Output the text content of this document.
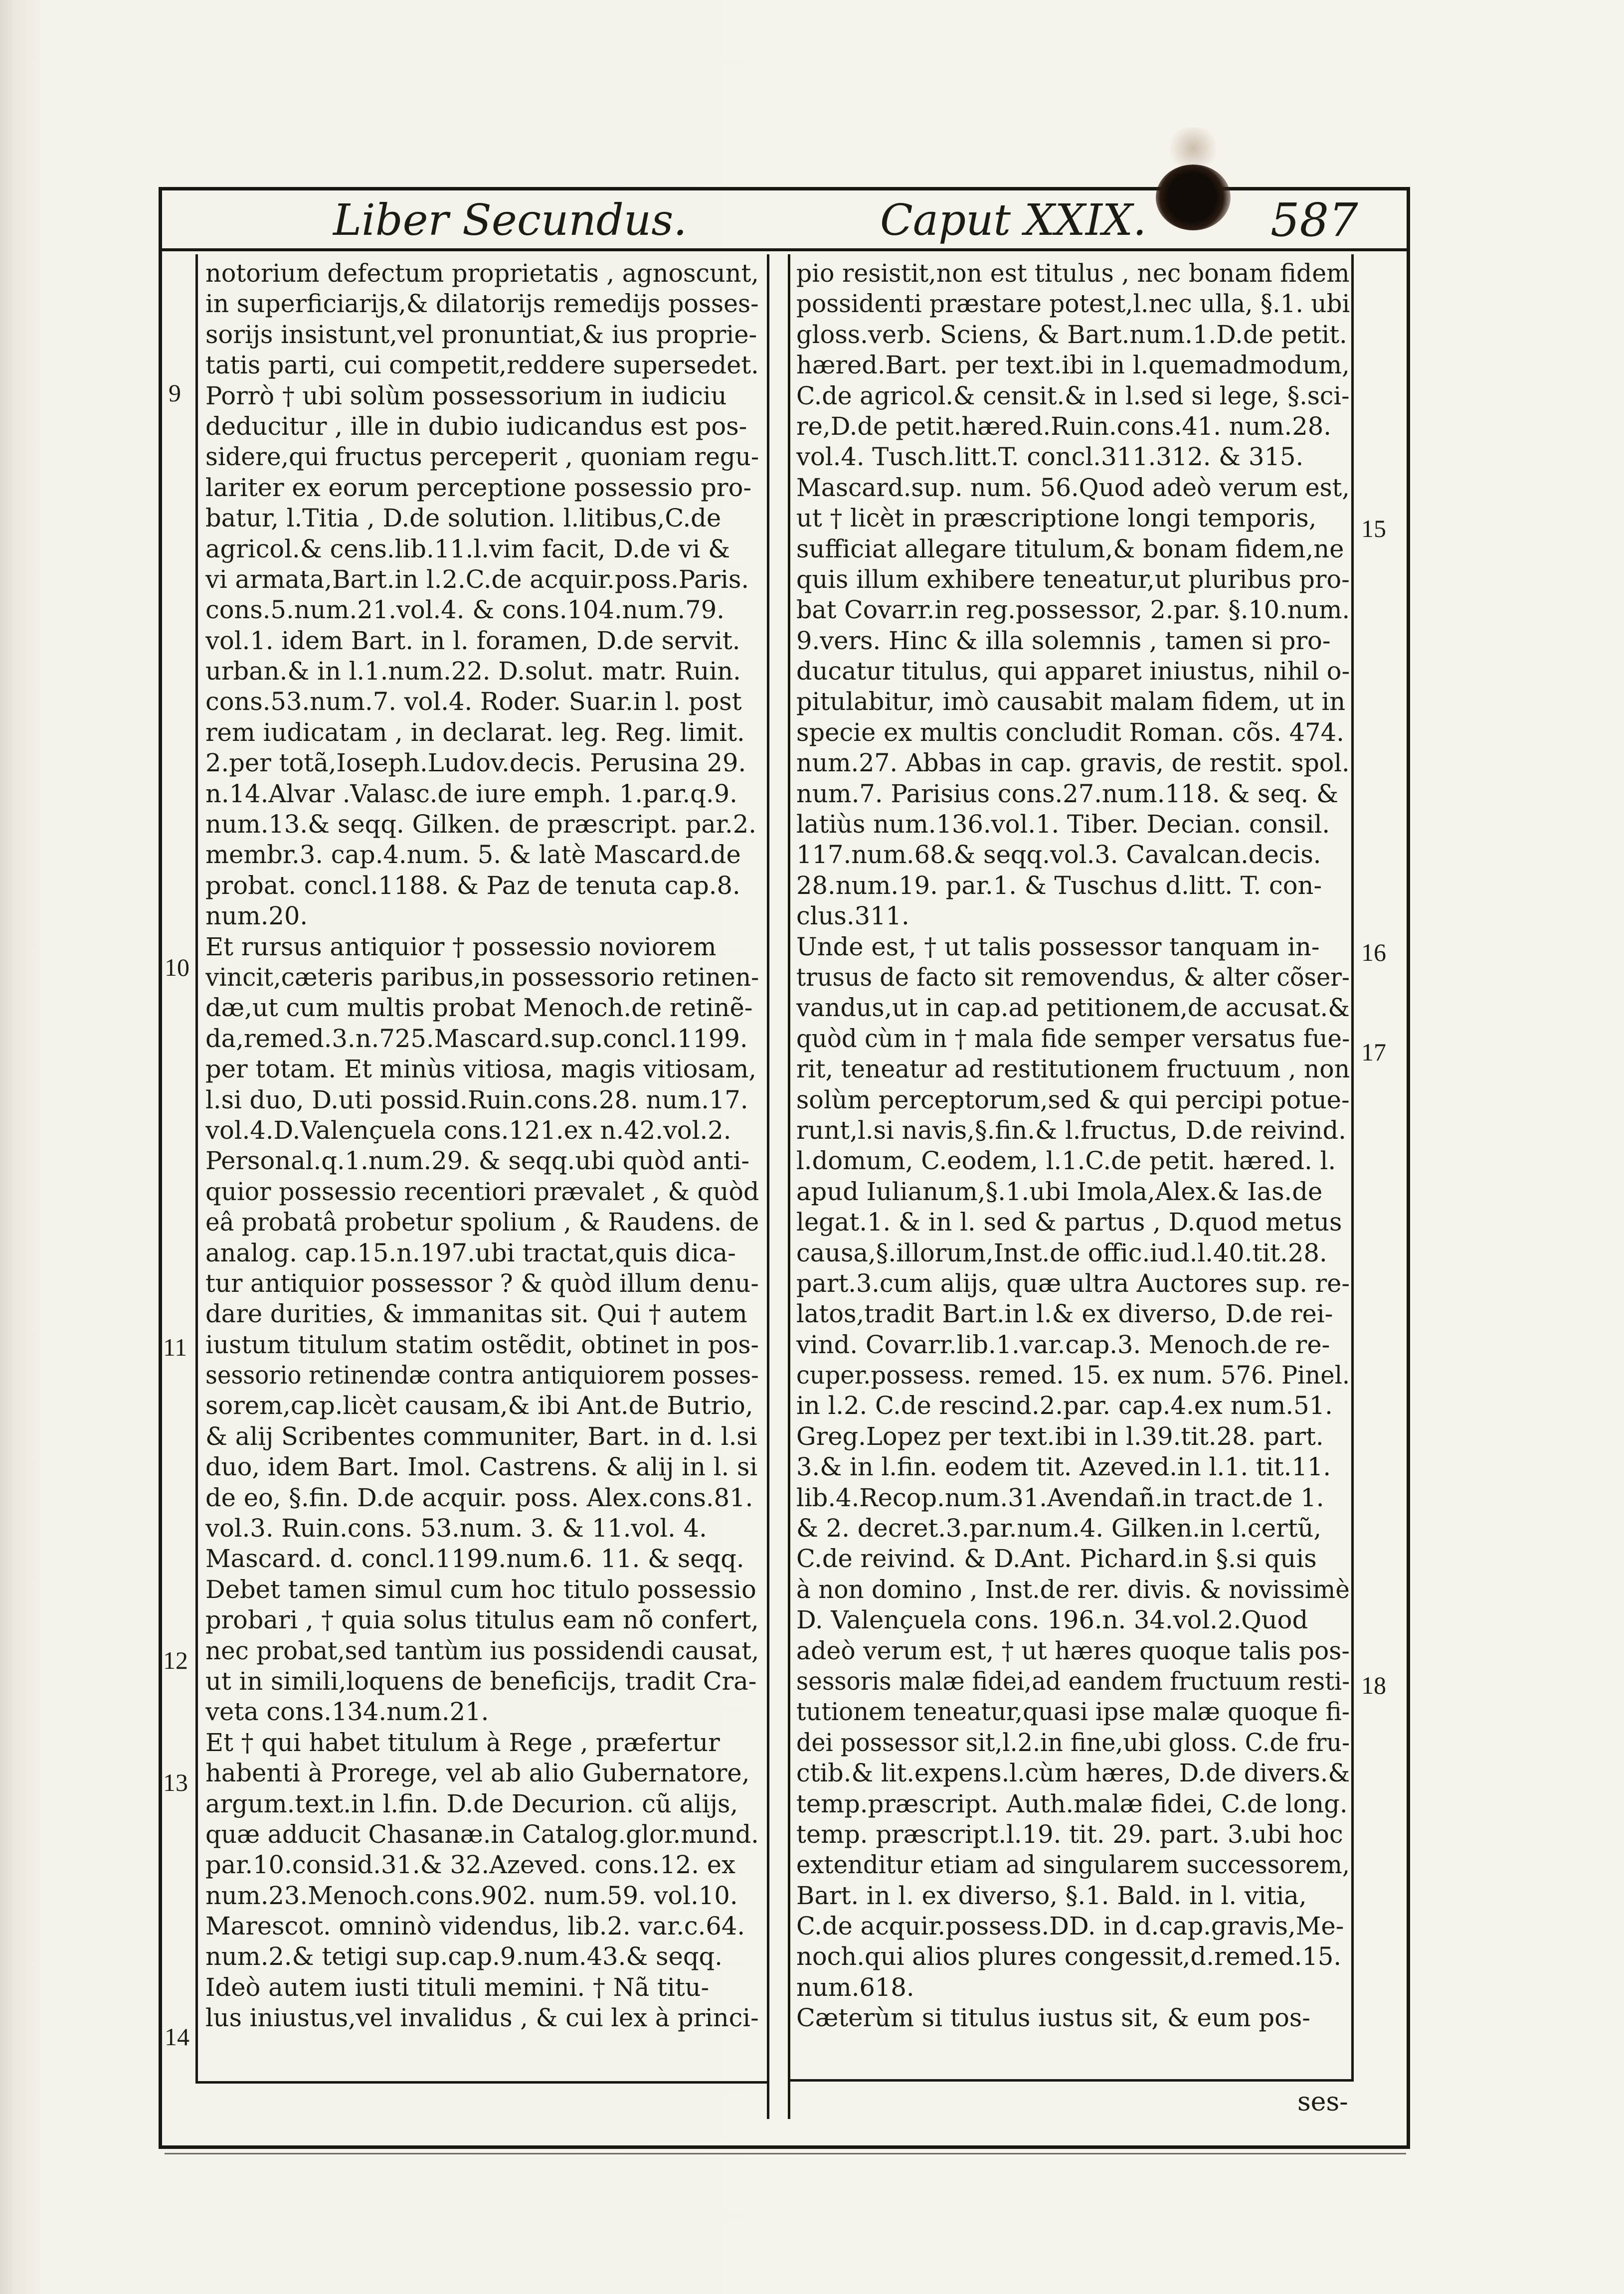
Liber Secundus.	Caput XXIX.	587
notorium defectum proprietatis , agnoscunt,
in superficiarijs,& dilatorijs remedijs posses-
sorijs insistunt,vel pronuntiat,& ius proprie-
tatis parti, cui competit,reddere supersedet.
Porrò † ubi solùm possessorium in iudiciu
deducitur , ille in dubio iudicandus est pos-
sidere,qui fructus perceperit , quoniam regu-
lariter ex eorum perceptione possessio pro-
batur, l.Titia , D.de solution. l.litibus,C.de
agricol.& cens.lib.11.l.vim facit, D.de vi &
vi armata,Bart.in l.2.C.de acquir.poss.Paris.
cons.5.num.21.vol.4. & cons.104.num.79.
vol.1. idem Bart. in l. foramen, D.de servit.
urban.& in l.1.num.22. D.solut. matr. Ruin.
cons.53.num.7. vol.4. Roder. Suar.in l. post
rem iudicatam , in declarat. leg. Reg. limit.
2.per totã,Ioseph.Ludov.decis. Perusina 29.
n.14.Alvar .Valasc.de iure emph. 1.par.q.9.
num.13.& seqq. Gilken. de præscript. par.2.
membr.3. cap.4.num. 5. & latè Mascard.de
probat. concl.1188. & Paz de tenuta cap.8.
num.20.
Et rursus antiquior † possessio noviorem
vincit,cæteris paribus,in possessorio retinen-
dæ,ut cum multis probat Menoch.de retinẽ-
da,remed.3.n.725.Mascard.sup.concl.1199.
per totam. Et minùs vitiosa, magis vitiosam,
l.si duo, D.uti possid.Ruin.cons.28. num.17.
vol.4.D.Valençuela cons.121.ex n.42.vol.2.
Personal.q.1.num.29. & seqq.ubi quòd anti-
quior possessio recentiori prævalet , & quòd
eâ probatâ probetur spolium , & Raudens. de
analog. cap.15.n.197.ubi tractat,quis dica-
tur antiquior possessor ? & quòd illum denu-
dare durities, & immanitas sit. Qui † autem
iustum titulum statim ostẽdit, obtinet in pos-
sessorio retinendæ contra antiquiorem posses-
sorem,cap.licèt causam,& ibi Ant.de Butrio,
& alij Scribentes communiter, Bart. in d. l.si
duo, idem Bart. Imol. Castrens. & alij in l. si
de eo, §.fin. D.de acquir. poss. Alex.cons.81.
vol.3. Ruin.cons. 53.num. 3. & 11.vol. 4.
Mascard. d. concl.1199.num.6. 11. & seqq.
Debet tamen simul cum hoc titulo possessio
probari , † quia solus titulus eam nõ confert,
nec probat,sed tantùm ius possidendi causat,
ut in simili,loquens de beneficijs, tradit Cra-
veta cons.134.num.21.
Et † qui habet titulum à Rege , præfertur
habenti à Prorege, vel ab alio Gubernatore,
argum.text.in l.fin. D.de Decurion. cũ alijs,
quæ adducit Chasanæ.in Catalog.glor.mund.
par.10.consid.31.& 32.Azeved. cons.12. ex
num.23.Menoch.cons.902. num.59. vol.10.
Marescot. omninò videndus, lib.2. var.c.64.
num.2.& tetigi sup.cap.9.num.43.& seqq.
Ideò autem iusti tituli memini. † Nã titu-
lus iniustus,vel invalidus , & cui lex à princi-
pio resistit,non est titulus , nec bonam fidem
possidenti præstare potest,l.nec ulla, §.1. ubi
gloss.verb. Sciens, & Bart.num.1.D.de petit.
hæred.Bart. per text.ibi in l.quemadmodum,
C.de agricol.& censit.& in l.sed si lege, §.sci-
re,D.de petit.hæred.Ruin.cons.41. num.28.
vol.4. Tusch.litt.T. concl.311.312. & 315.
Mascard.sup. num. 56.Quod adeò verum est,
ut † licèt in præscriptione longi temporis,
sufficiat allegare titulum,& bonam fidem,ne
quis illum exhibere teneatur,ut pluribus pro-
bat Covarr.in reg.possessor, 2.par. §.10.num.
9.vers. Hinc & illa solemnis , tamen si pro-
ducatur titulus, qui apparet iniustus, nihil o-
pitulabitur, imò causabit malam fidem, ut in
specie ex multis concludit Roman. cõs. 474.
num.27. Abbas in cap. gravis, de restit. spol.
num.7. Parisius cons.27.num.118. & seq. &
latiùs num.136.vol.1. Tiber. Decian. consil.
117.num.68.& seqq.vol.3. Cavalcan.decis.
28.num.19. par.1. & Tuschus d.litt. T. con-
clus.311.
Unde est, † ut talis possessor tanquam in-
trusus de facto sit removendus, & alter cõser-
vandus,ut in cap.ad petitionem,de accusat.&
quòd cùm in † mala fide semper versatus fue-
rit, teneatur ad restitutionem fructuum , non
solùm perceptorum,sed & qui percipi potue-
runt,l.si navis,§.fin.& l.fructus, D.de reivind.
l.domum, C.eodem, l.1.C.de petit. hæred. l.
apud Iulianum,§.1.ubi Imola,Alex.& Ias.de
legat.1. & in l. sed & partus , D.quod metus
causa,§.illorum,Inst.de offic.iud.l.40.tit.28.
part.3.cum alijs, quæ ultra Auctores sup. re-
latos,tradit Bart.in l.& ex diverso, D.de rei-
vind. Covarr.lib.1.var.cap.3. Menoch.de re-
cuper.possess. remed. 15. ex num. 576. Pinel.
in l.2. C.de rescind.2.par. cap.4.ex num.51.
Greg.Lopez per text.ibi in l.39.tit.28. part.
3.& in l.fin. eodem tit. Azeved.in l.1. tit.11.
lib.4.Recop.num.31.Avendañ.in tract.de 1.
& 2. decret.3.par.num.4. Gilken.in l.certũ,
C.de reivind. & D.Ant. Pichard.in §.si quis
à non domino , Inst.de rer. divis. & novissimè
D. Valençuela cons. 196.n. 34.vol.2.Quod
adeò verum est, † ut hæres quoque talis pos-
sessoris malæ fidei,ad eandem fructuum resti-
tutionem teneatur,quasi ipse malæ quoque fi-
dei possessor sit,l.2.in fine,ubi gloss. C.de fru-
ctib.& lit.expens.l.cùm hæres, D.de divers.&
temp.præscript. Auth.malæ fidei, C.de long.
temp. præscript.l.19. tit. 29. part. 3.ubi hoc
extenditur etiam ad singularem successorem,
Bart. in l. ex diverso, §.1. Bald. in l. vitia,
C.de acquir.possess.DD. in d.cap.gravis,Me-
noch.qui alios plures congessit,d.remed.15.
num.618.
Cæterùm si titulus iustus sit, & eum pos-
9
10
11
12
13
14
15
16
17
18
ses-
